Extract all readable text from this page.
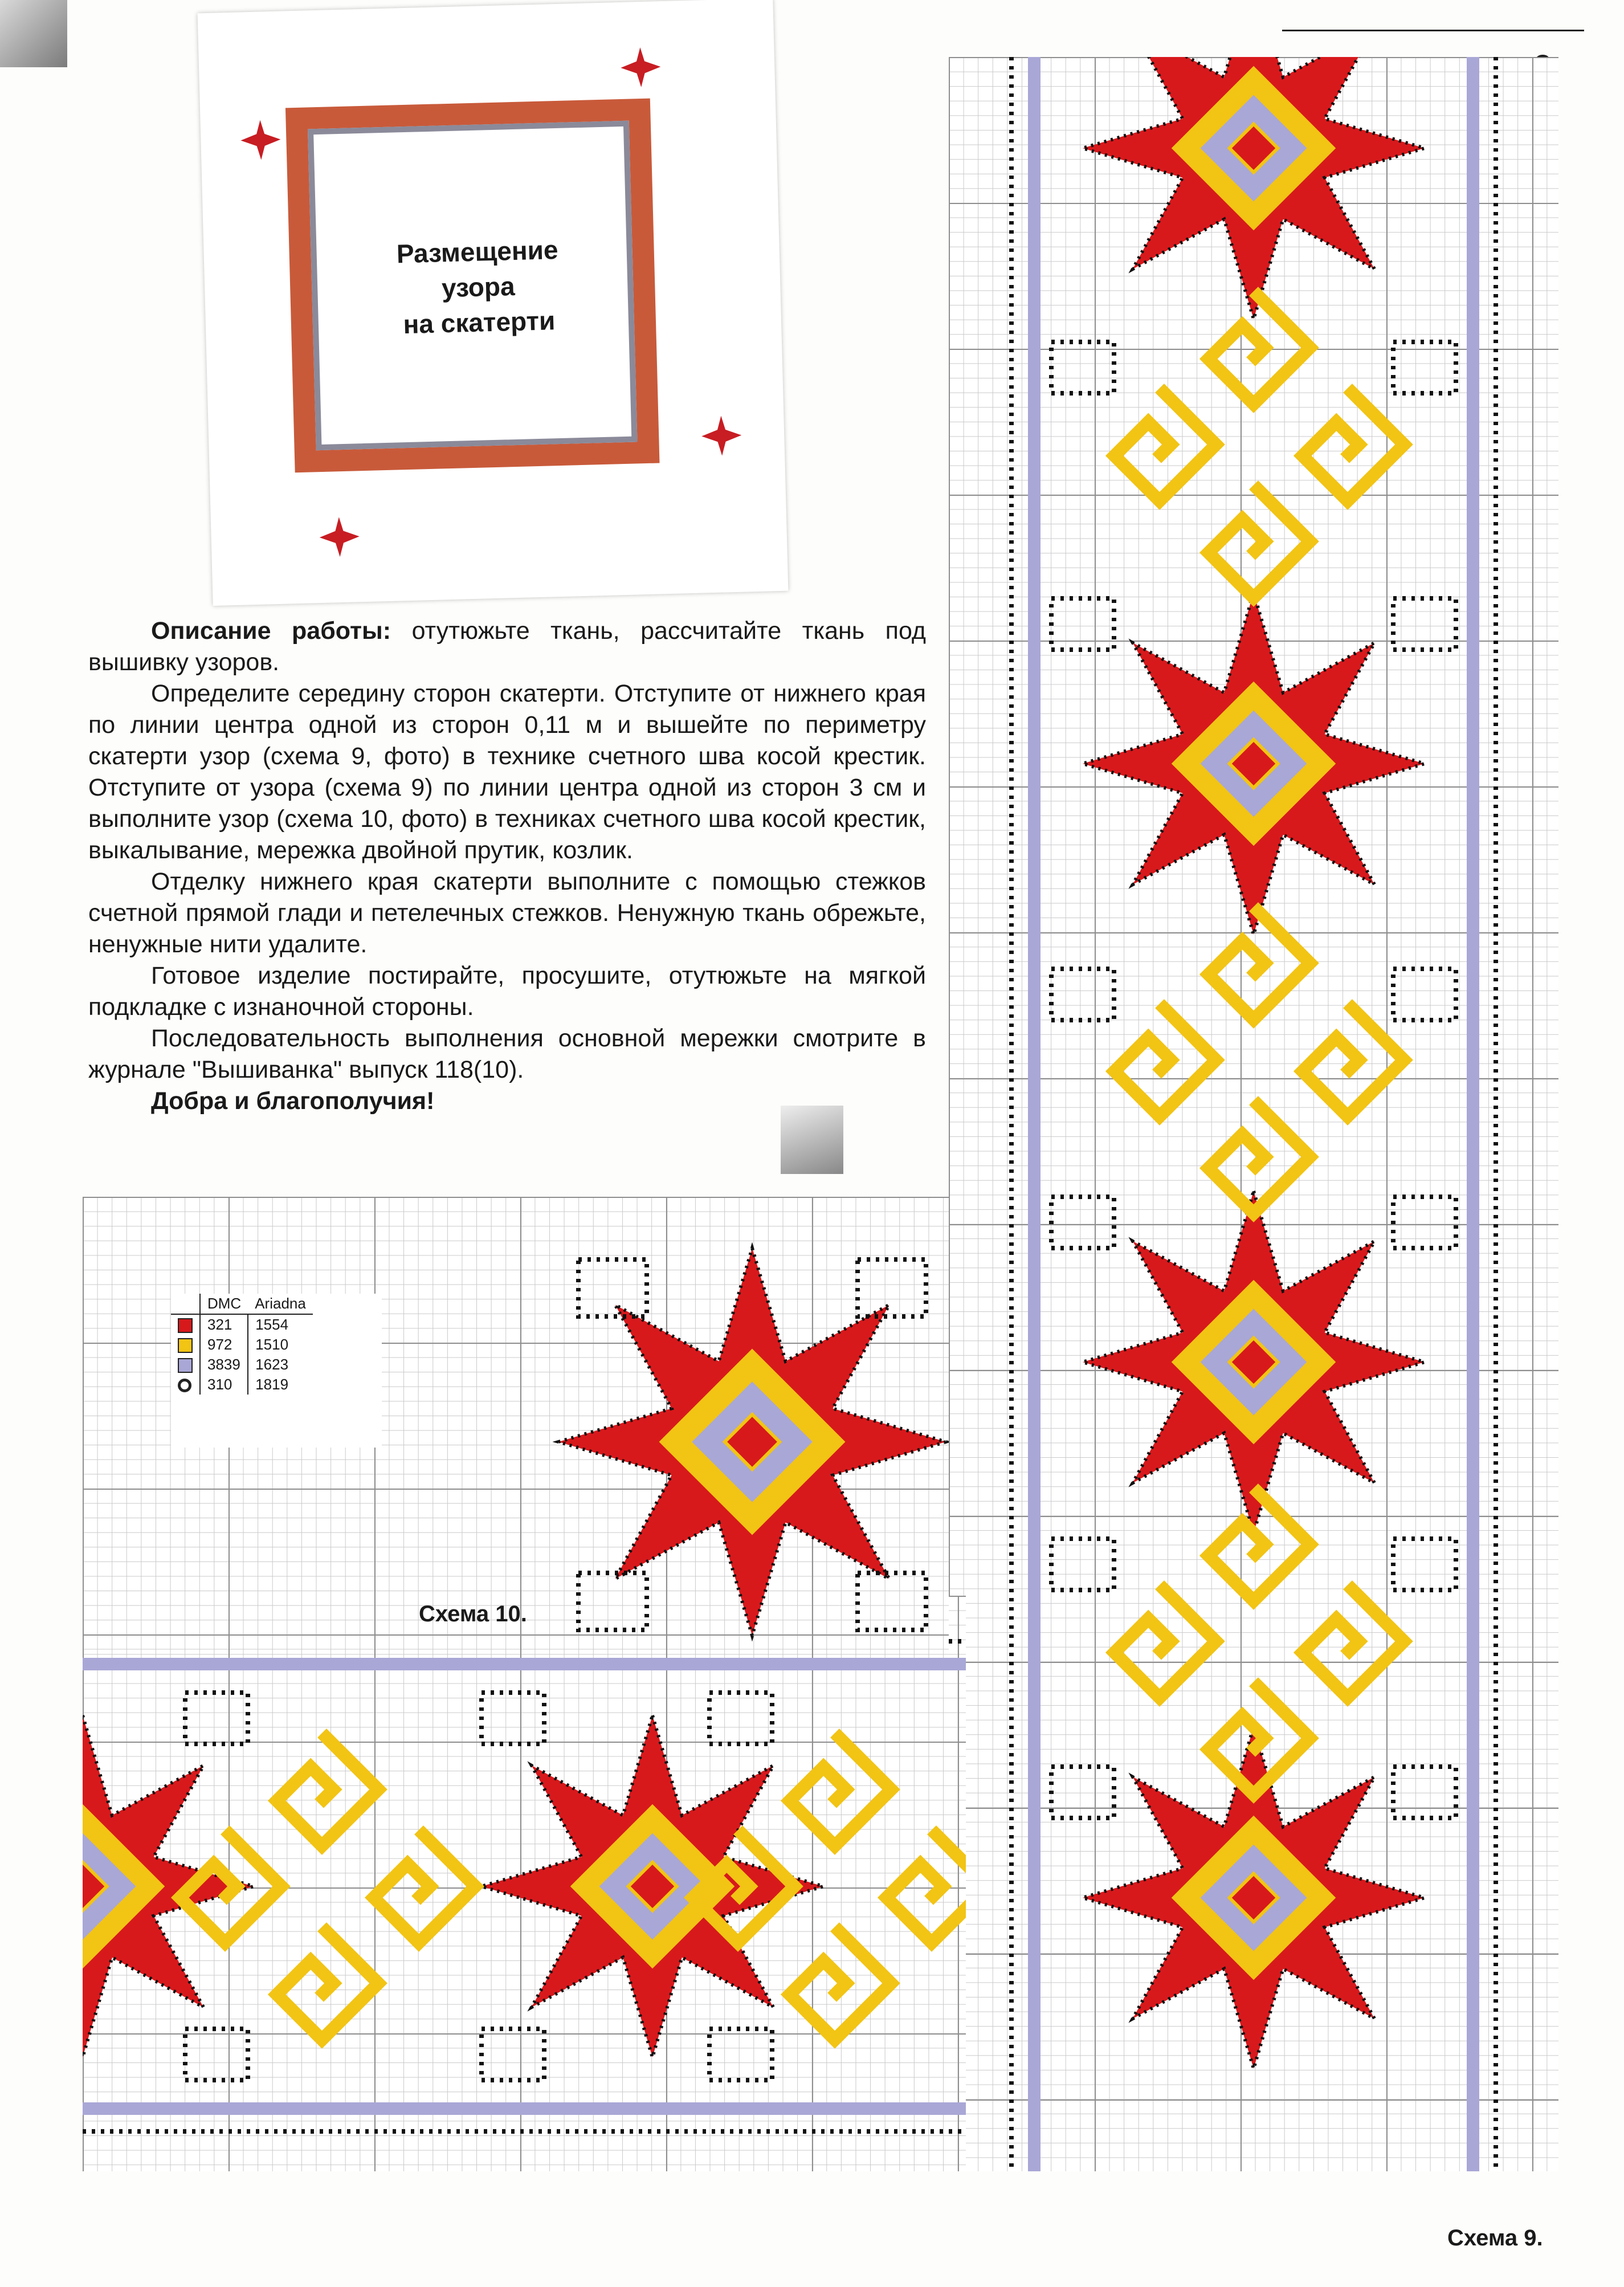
Размещение
узора
на скатерти

Описание работы: отутюжьте ткань, рассчитайте ткань под вышивку узоров.

Определите середину сторон скатерти. Отступите от нижнего края по линии центра одной из сторон 0,11 м и вышейте по периметру скатерти узор (схема 9, фото) в технике счетного шва косой крестик. Отступите от узора (схема 9) по линии центра одной из сторон 3 см и выполните узор (схема 10, фото) в техниках счетного шва косой крестик, выкалывание, мережка двойной прутик, козлик.

Отделку нижнего края скатерти выполните с помощью стежков счетной прямой глади и петелечных стежков. Ненужную ткань обрежьте, ненужные нити удалите.

Готовое изделие постирайте, просушите, отутюжьте на мягкой подкладке с изнаночной стороны.

Последовательность выполнения основной мережки смотрите в журнале "Вышиванка" выпуск 118(10).

Добра и благополучия!

	DMC	Ariadna
	321	1554
	972	1510
	3839	1623
	310	1819
Схема 10.
Схема 9.
